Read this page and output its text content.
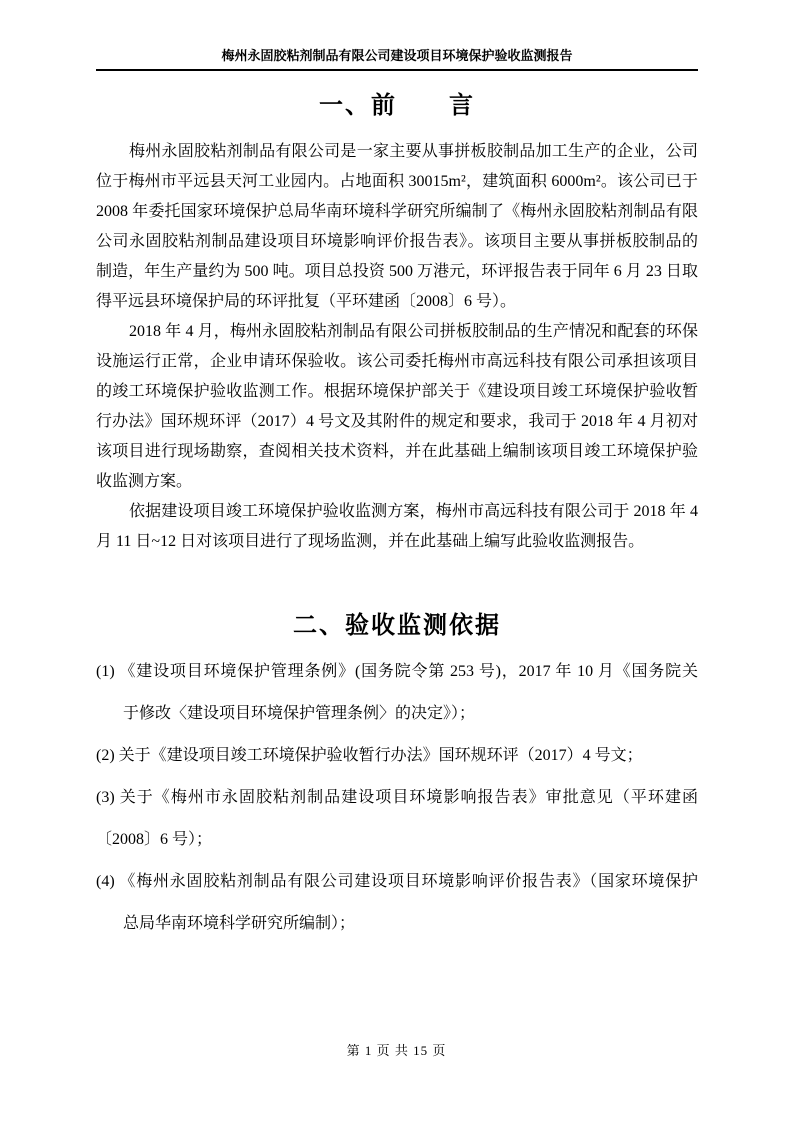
梅州永固胶粘剂制品有限公司建设项目环境保护验收监测报告
一、前　　言
梅州永固胶粘剂制品有限公司是一家主要从事拼板胶制品加工生产的企业，公司
位于梅州市平远县天河工业园内。占地面积 30015m²，建筑面积 6000m²。该公司已于
2008 年委托国家环境保护总局华南环境科学研究所编制了《梅州永固胶粘剂制品有限
公司永固胶粘剂制品建设项目环境影响评价报告表》。该项目主要从事拼板胶制品的
制造，年生产量约为 500 吨。项目总投资 500 万港元，环评报告表于同年 6 月 23 日取
得平远县环境保护局的环评批复（平环建函〔2008〕6 号）。
2018 年 4 月，梅州永固胶粘剂制品有限公司拼板胶制品的生产情况和配套的环保
设施运行正常，企业申请环保验收。该公司委托梅州市高远科技有限公司承担该项目
的竣工环境保护验收监测工作。根据环境保护部关于《建设项目竣工环境保护验收暂
行办法》国环规环评（2017）4 号文及其附件的规定和要求，我司于 2018 年 4 月初对
该项目进行现场勘察，查阅相关技术资料，并在此基础上编制该项目竣工环境保护验
收监测方案。
依据建设项目竣工环境保护验收监测方案，梅州市高远科技有限公司于 2018 年 4
月 11 日~12 日对该项目进行了现场监测，并在此基础上编写此验收监测报告。
二、验收监测依据
(1) 《建设项目环境保护管理条例》(国务院令第 253 号)，2017 年 10 月《国务院关
于修改〈建设项目环境保护管理条例〉的决定》）；
(2) 关于《建设项目竣工环境保护验收暂行办法》国环规环评（2017）4 号文；
(3) 关于《梅州市永固胶粘剂制品建设项目环境影响报告表》审批意见（平环建函
〔2008〕6 号）；
(4) 《梅州永固胶粘剂制品有限公司建设项目环境影响评价报告表》（国家环境保护
总局华南环境科学研究所编制）；
第 1 页 共 15 页
